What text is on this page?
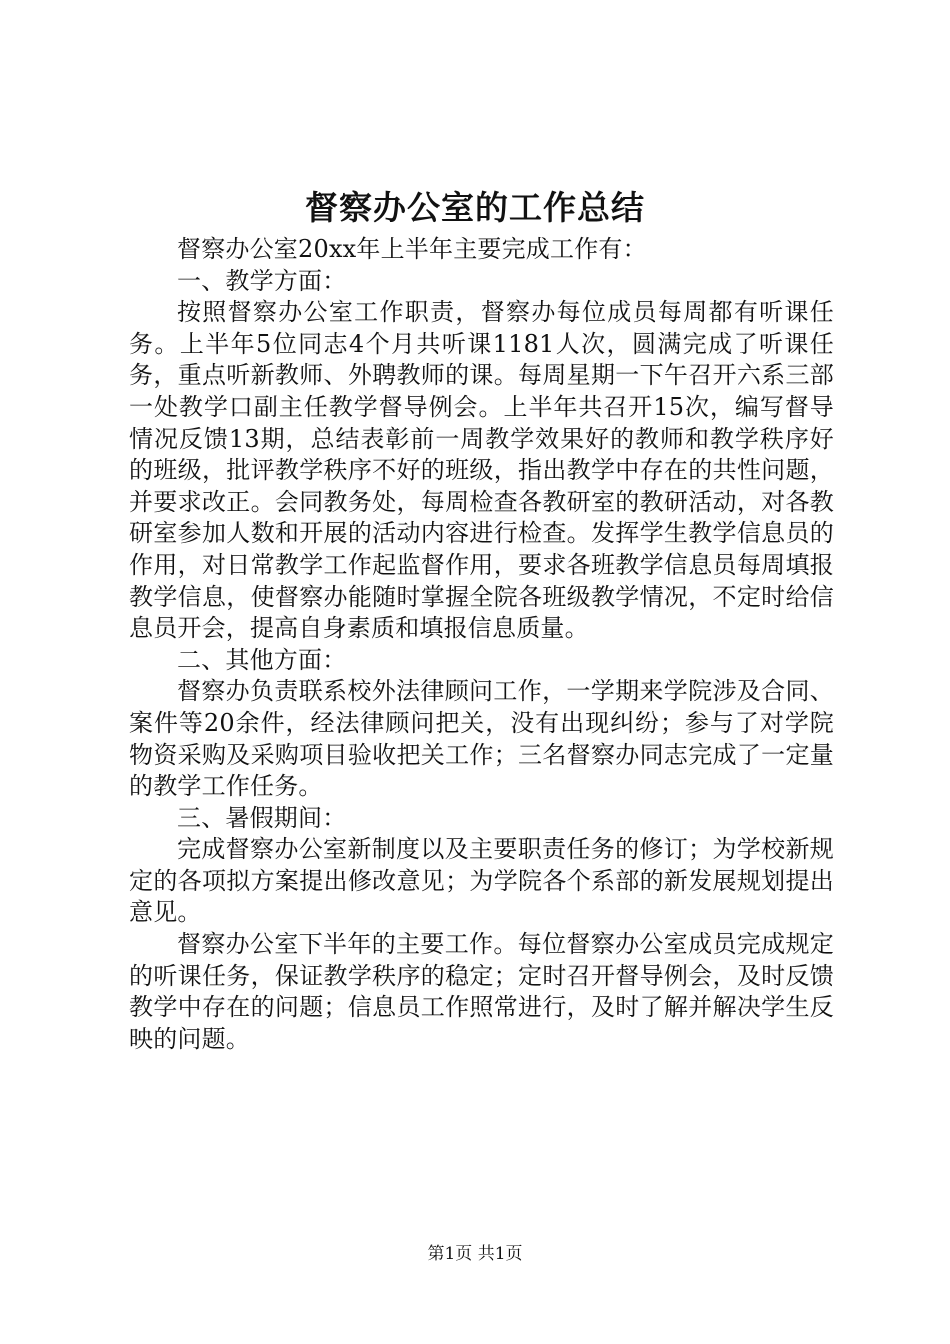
督察办公室的工作总结

督察办公室20xx年上半年主要完成工作有：

一、教学方面：

按照督察办公室工作职责，督察办每位成员每周都有听课任务。上半年5位同志4个月共听课1181人次，圆满完成了听课任务，重点听新教师、外聘教师的课。每周星期一下午召开六系三部一处教学口副主任教学督导例会。上半年共召开15次，编写督导情况反馈13期，总结表彰前一周教学效果好的教师和教学秩序好的班级，批评教学秩序不好的班级，指出教学中存在的共性问题，并要求改正。会同教务处，每周检查各教研室的教研活动，对各教研室参加人数和开展的活动内容进行检查。发挥学生教学信息员的作用，对日常教学工作起监督作用，要求各班教学信息员每周填报教学信息，使督察办能随时掌握全院各班级教学情况，不定时给信息员开会，提高自身素质和填报信息质量。

二、其他方面：

督察办负责联系校外法律顾问工作，一学期来学院涉及合同、案件等20余件，经法律顾问把关，没有出现纠纷；参与了对学院物资采购及采购项目验收把关工作；三名督察办同志完成了一定量的教学工作任务。

三、暑假期间：

完成督察办公室新制度以及主要职责任务的修订；为学校新规定的各项拟方案提出修改意见；为学院各个系部的新发展规划提出意见。

督察办公室下半年的主要工作。每位督察办公室成员完成规定的听课任务，保证教学秩序的稳定；定时召开督导例会，及时反馈教学中存在的问题；信息员工作照常进行，及时了解并解决学生反映的问题。

第1页 共1页
